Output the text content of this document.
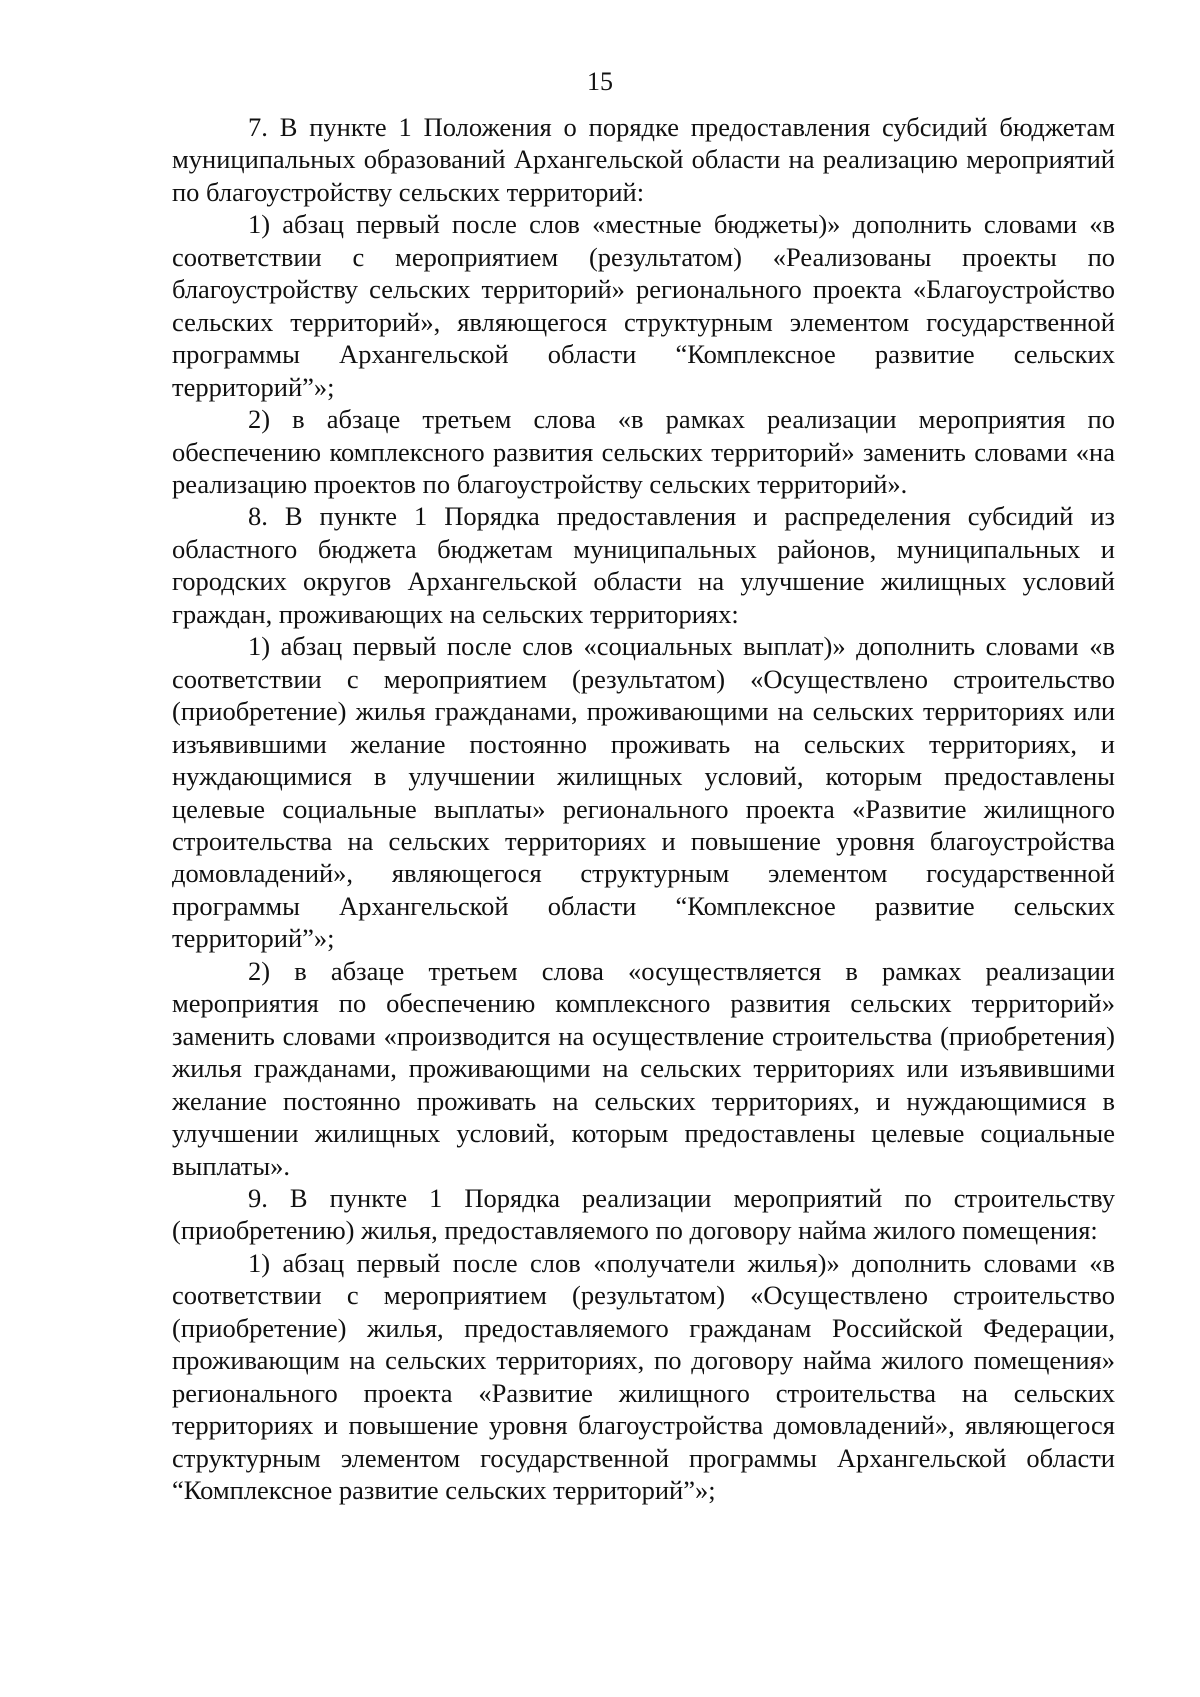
15

7. В пункте 1 Положения о порядке предоставления субсидий бюджетам муниципальных образований Архангельской области на реализацию мероприятий по благоустройству сельских территорий:

1) абзац первый после слов «местные бюджеты)» дополнить словами «в соответствии с мероприятием (результатом) «Реализованы проекты по благоустройству сельских территорий» регионального проекта «Благоустройство сельских территорий», являющегося структурным элементом государственной программы Архангельской области “Комплексное развитие сельских территорий”»;

2) в абзаце третьем слова «в рамках реализации мероприятия по обеспечению комплексного развития сельских территорий» заменить словами «на реализацию проектов по благоустройству сельских территорий».

8. В пункте 1 Порядка предоставления и распределения субсидий из областного бюджета бюджетам муниципальных районов, муниципальных и городских округов Архангельской области на улучшение жилищных условий граждан, проживающих на сельских территориях:

1) абзац первый после слов «социальных выплат)» дополнить словами «в соответствии с мероприятием (результатом) «Осуществлено строительство (приобретение) жилья гражданами, проживающими на сельских территориях или изъявившими желание постоянно проживать на сельских территориях, и нуждающимися в улучшении жилищных условий, которым предоставлены целевые социальные выплаты» регионального проекта «Развитие жилищного строительства на сельских территориях и повышение уровня благоустройства домовладений», являющегося структурным элементом государственной программы Архангельской области “Комплексное развитие сельских территорий”»;

2) в абзаце третьем слова «осуществляется в рамках реализации мероприятия по обеспечению комплексного развития сельских территорий» заменить словами «производится на осуществление строительства (приобретения) жилья гражданами, проживающими на сельских территориях или изъявившими желание постоянно проживать на сельских территориях, и нуждающимися в улучшении жилищных условий, которым предоставлены целевые социальные выплаты».

9. В пункте 1 Порядка реализации мероприятий по строительству (приобретению) жилья, предоставляемого по договору найма жилого помещения:

1) абзац первый после слов «получатели жилья)» дополнить словами «в соответствии с мероприятием (результатом) «Осуществлено строительство (приобретение) жилья, предоставляемого гражданам Российской Федерации, проживающим на сельских территориях, по договору найма жилого помещения» регионального проекта «Развитие жилищного строительства на сельских территориях и повышение уровня благоустройства домовладений», являющегося структурным элементом государственной программы Архангельской области “Комплексное развитие сельских территорий”»;
